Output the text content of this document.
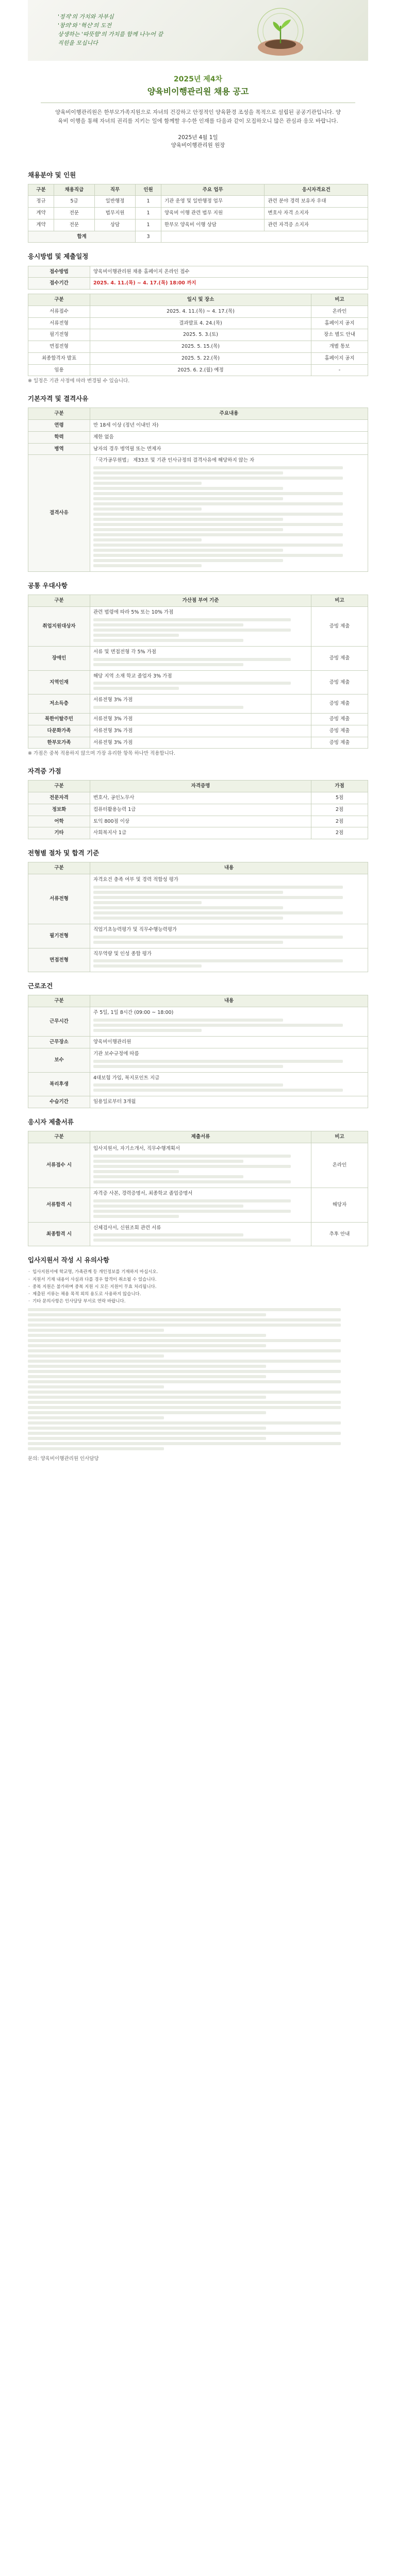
'정직'의 가치와 자부심
'창의'와 '혁신'의 도전
상생하는 '따뜻함'의 가치를 함께 나누어 갈
직원을 모십니다
2025년 제4차
양육비이행관리원 채용 공고
양육비이행관리원은 한부모가족지원으로 자녀의 건강하고 안정적인 양육환경 조성을 목적으로 설립된 공공기관입니다. 양육비 이행을 통해 자녀의 권리를 지키는 일에 함께할 우수한 인재를 다음과 같이 모집하오니 많은 관심과 응모 바랍니다.
2025년 4월 1일
양육비이행관리원 원장
채용분야 및 인원
구분	채용직급	직무	인원	주요 업무	응시자격요건
정규	5급	일반행정	1	기관 운영 및 일반행정 업무	관련 분야 경력 보유자 우대
계약	전문	법무지원	1	양육비 이행 관련 법무 지원	변호사 자격 소지자
계약	전문	상담	1	한부모 양육비 이행 상담	관련 자격증 소지자
합계			3		
응시방법 및 제출일정
접수방법	양육비이행관리원 채용 홈페이지 온라인 접수
접수기간	2025. 4. 11.(목) ~ 4. 17.(목) 18:00 까지
구분	일시 및 장소	비고
서류접수	2025. 4. 11.(목) ~ 4. 17.(목)	온라인
서류전형	결과발표 4. 24.(목)	홈페이지 공지
필기전형	2025. 5. 3.(토)	장소 별도 안내
면접전형	2025. 5. 15.(목)	개별 통보
최종합격자 발표	2025. 5. 22.(목)	홈페이지 공지
임용	2025. 6. 2.(월) 예정	-
※ 일정은 기관 사정에 따라 변경될 수 있습니다.
기본자격 및 결격사유
구분	주요내용
연령	만 18세 이상 (정년 이내인 자)
학력	제한 없음
병역	남자의 경우 병역필 또는 면제자
결격사유	「국가공무원법」 제33조 및 기관 인사규정의 결격사유에 해당하지 않는 자
공통 우대사항
구분	가산점 부여 기준	비고
취업지원대상자	관련 법령에 따라 5% 또는 10% 가점	증빙 제출
장애인	서류 및 면접전형 각 5% 가점	증빙 제출
지역인재	해당 지역 소재 학교 졸업자 3% 가점	증빙 제출
저소득층	서류전형 3% 가점	증빙 제출
북한이탈주민	서류전형 3% 가점	증빙 제출
다문화가족	서류전형 3% 가점	증빙 제출
한부모가족	서류전형 3% 가점	증빙 제출
※ 가점은 중복 적용하지 않으며 가장 유리한 항목 하나만 적용합니다.
자격증 가점
구분	자격증명	가점
전문자격	변호사, 공인노무사	5점
정보화	컴퓨터활용능력 1급	2점
어학	토익 800점 이상	2점
기타	사회복지사 1급	2점
전형별 절차 및 합격 기준
구분	내용
서류전형	자격요건 충족 여부 및 경력 적합성 평가

필기전형	직업기초능력평가 및 직무수행능력평가

면접전형	직무역량 및 인성 종합 평가
근로조건
구분	내용
근무시간	주 5일, 1일 8시간 (09:00 ~ 18:00)

근무장소	양육비이행관리원
보수	기관 보수규정에 따름

복리후생	4대보험 가입, 복지포인트 지급

수습기간	임용일로부터 3개월
응시자 제출서류
구분	제출서류	비고
서류접수 시	입사지원서, 자기소개서, 직무수행계획서	온라인
서류합격 시	자격증 사본, 경력증명서, 최종학교 졸업증명서	해당자
최종합격 시	신체검사서, 신원조회 관련 서류	추후 안내
입사지원서 작성 시 유의사항
· 입사지원서에 학교명, 가족관계 등 개인정보를 기재하지 마십시오.
· 지원서 기재 내용이 사실과 다를 경우 합격이 취소될 수 있습니다.
· 중복 지원은 불가하며 중복 지원 시 모든 지원이 무효 처리됩니다.
· 제출된 서류는 채용 목적 외의 용도로 사용하지 않습니다.
· 기타 문의사항은 인사담당 부서로 연락 바랍니다.
문의: 양육비이행관리원 인사담당
